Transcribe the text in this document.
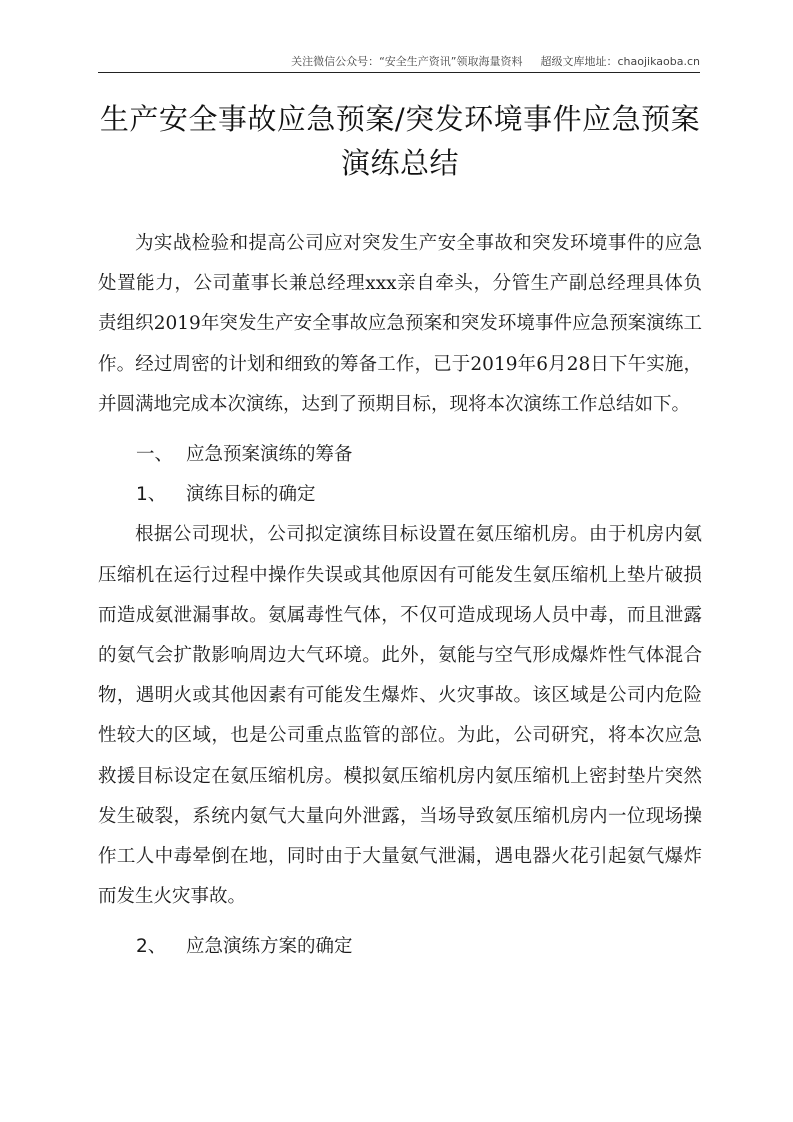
关注微信公众号：“安全生产资讯”领取海量资料 超级文库地址：chaojikaoba.cn
生产安全事故应急预案/突发环境事件应急预案
演练总结

为实战检验和提高公司应对突发生产安全事故和突发环境事件的应急处置能力，公司董事长兼总经理xxx亲自牵头，分管生产副总经理具体负责组织2019年突发生产安全事故应急预案和突发环境事件应急预案演练工作。经过周密的计划和细致的筹备工作，已于2019年6月28日下午实施，并圆满地完成本次演练，达到了预期目标，现将本次演练工作总结如下。

一、 应急预案演练的筹备

1、 演练目标的确定

根据公司现状，公司拟定演练目标设置在氨压缩机房。由于机房内氨压缩机在运行过程中操作失误或其他原因有可能发生氨压缩机上垫片破损而造成氨泄漏事故。氨属毒性气体，不仅可造成现场人员中毒，而且泄露的氨气会扩散影响周边大气环境。此外，氨能与空气形成爆炸性气体混合物，遇明火或其他因素有可能发生爆炸、火灾事故。该区域是公司内危险性较大的区域，也是公司重点监管的部位。为此，公司研究，将本次应急救援目标设定在氨压缩机房。模拟氨压缩机房内氨压缩机上密封垫片突然发生破裂，系统内氨气大量向外泄露，当场导致氨压缩机房内一位现场操作工人中毒晕倒在地，同时由于大量氨气泄漏，遇电器火花引起氨气爆炸而发生火灾事故。

2、 应急演练方案的确定
